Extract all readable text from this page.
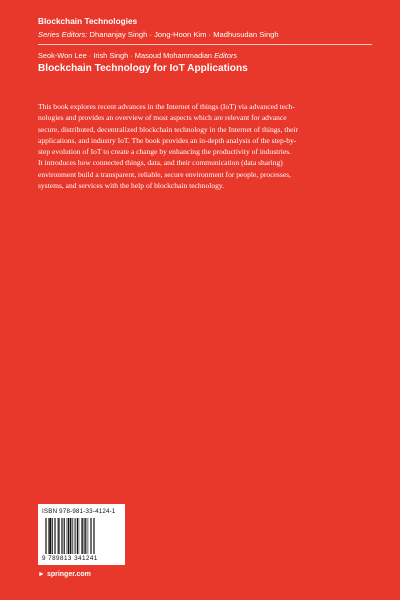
Blockchain Technologies
Series Editors: Dhananjay Singh · Jong-Hoon Kim · Madhusudan Singh
Seok-Won Lee · Irish Singh · Masoud Mohammadian Editors
Blockchain Technology for IoT Applications

This book explores recent advances in the Internet of things (IoT) via advanced tech-
nologies and provides an overview of most aspects which are relevant for advance
secure, distributed, decentralized blockchain technology in the Internet of things, their
applications, and industry IoT. The book provides an in-depth analysis of the step-by-
step evolution of IoT to create a change by enhancing the productivity of industries.
It introduces how connected things, data, and their communication (data sharing)
environment build a transparent, reliable, secure environment for people, processes,
systems, and services with the help of blockchain technology.

ISBN 978-981-33-4124-1
9 789813 341241
► springer.com
